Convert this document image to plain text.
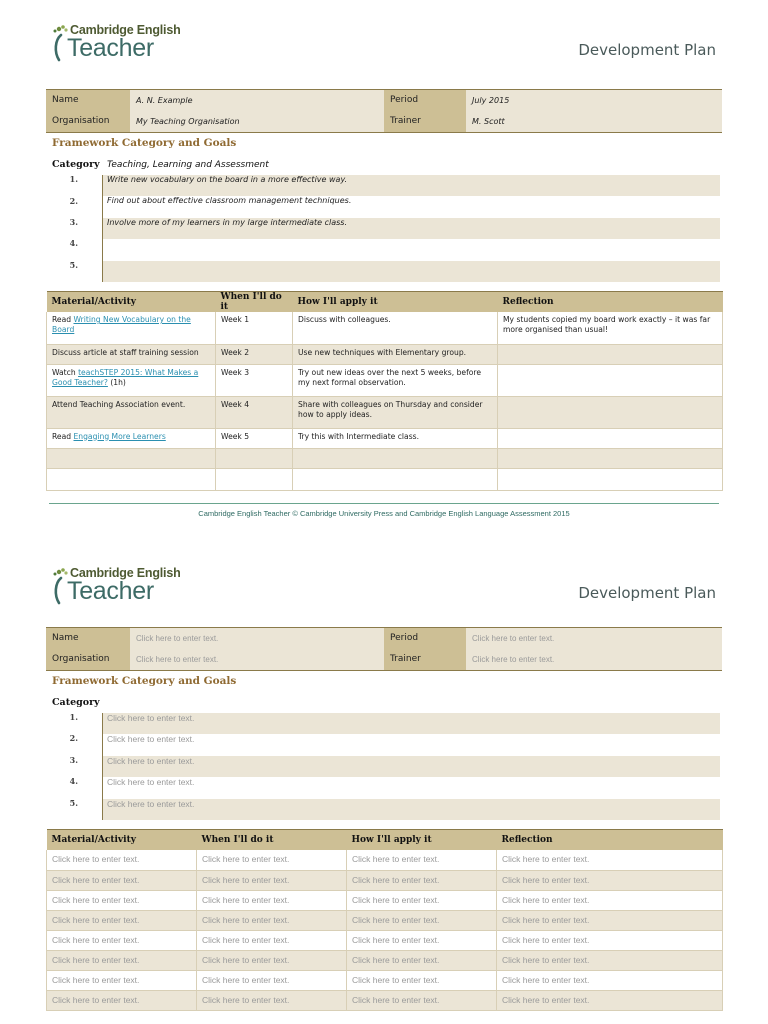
Cambridge English
Teacher	Development Plan
Name	A. N. Example	Period	July 2015
Organisation	My Teaching Organisation	Trainer	M. Scott
Framework Category and Goals
Category Teaching, Learning and Assessment
1.	Write new vocabulary on the board in a more effective way.
2.	Find out about effective classroom management techniques.
3.	Involve more of my learners in my large intermediate class.
4.
5.
Material/Activity	When I'll do it	How I'll apply it	Reflection
Read Writing New Vocabulary on the Board	Week 1	Discuss with colleagues.	My students copied my board work exactly – it was far more organised than usual!
Discuss article at staff training session	Week 2	Use new techniques with Elementary group.	
Watch teachSTEP 2015: What Makes a Good Teacher? (1h)	Week 3	Try out new ideas over the next 5 weeks, before my next formal observation.	
Attend Teaching Association event.	Week 4	Share with colleagues on Thursday and consider how to apply ideas.	
Read Engaging More Learners	Week 5	Try this with Intermediate class.	

Cambridge English Teacher © Cambridge University Press and Cambridge English Language Assessment 2015
Cambridge English
Teacher	Development Plan
Name	Click here to enter text.	Period	Click here to enter text.
Organisation	Click here to enter text.	Trainer	Click here to enter text.
Framework Category and Goals
Category
1.	Click here to enter text.
2.	Click here to enter text.
3.	Click here to enter text.
4.	Click here to enter text.
5.	Click here to enter text.
Material/Activity	When I'll do it	How I'll apply it	Reflection
Click here to enter text.	Click here to enter text.	Click here to enter text.	Click here to enter text.
Click here to enter text.	Click here to enter text.	Click here to enter text.	Click here to enter text.
Click here to enter text.	Click here to enter text.	Click here to enter text.	Click here to enter text.
Click here to enter text.	Click here to enter text.	Click here to enter text.	Click here to enter text.
Click here to enter text.	Click here to enter text.	Click here to enter text.	Click here to enter text.
Click here to enter text.	Click here to enter text.	Click here to enter text.	Click here to enter text.
Click here to enter text.	Click here to enter text.	Click here to enter text.	Click here to enter text.
Click here to enter text.	Click here to enter text.	Click here to enter text.	Click here to enter text.
